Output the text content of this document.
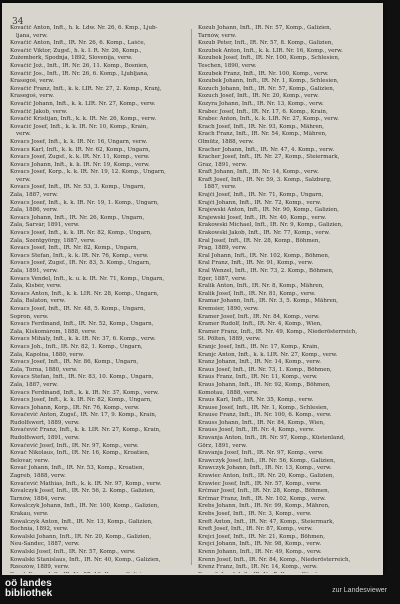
34
Kovačič Anton, Inft., h. k. Ldw. Nr. 26, 6. Kmp., Ljub-
ljana, verw.
Kovačič Anton, Inft., IR. Nr. 26, 6. Komp., Lašče,
Kovačič Viktor, Zugsf., h. k. I. R. Nr. 26, Komp.,
Žužemberk, Spodnja, 1892, Slovenija, verw.
Kovačič Jož., Inft., IR. Nr. 26, 11. Komp., Bosnien,
Kovačič Jos., Inft., IR. Nr. 26, 6. Komp., Ljubljana,
Krasegoš, verw.
Kovačič Franz, Inft., k. k. LIR. Nr. 27, 2. Komp., Kranj,
Krasegoš, verw.
Kovačič Johann, Inft., k. k. LIR. Nr. 27, Komp., verw.
Kovačič Jakob, verw.
Kovačič Kristijan, Inft., k. k. IR. Nr. 26, Komp., verw.
Kovačič Josef, Inft., k. k. IR. Nr. 10, Komp., Krain,
verw.
Kovacs Josef, Inft., k. k. IR. Nr. 16, Ungarn, verw.
Kovacs Karl, Inft., k. k. IR. Nr. 62, Komp., Ungarn,
Kovacs Josef, Zugsf., k. k. IR. Nr. 11, Komp., verw.
Kovacs Johann, Inft., k. k. IR. Nr. 19, Komp., verw.
Kovacs Josef, Korp., k. k. IR. Nr. 19, 12. Komp., Ungarn,
verw.
Kovacs Josef, Inft., IR. Nr. 53, 3. Komp., Ungarn,
Zala, 1887, verw.
Kovacs Josef, Inft., k. k. IR. Nr. 19, 1. Komp., Ungarn,
Zala, 1886, verw.
Kovacs Johann, Inft., IR. Nr. 26, Komp., Ungarn,
Zala, Sarvár, 1891, verw.
Kovacs Josef, Inft., k. k. IR. Nr. 82, Komp., Ungarn,
Zala, Szentgyörgy, 1887, verw.
Kovacs Josef, Inft., IR. Nr. 82, Komp., Ungarn,
Kovacs Stefan, Inft., k. k. IR. Nr. 76, Komp., verw.
Kovacs Josef, Zugsf., IR. Nr. 83, 5. Komp., Ungarn,
Zala, 1891, verw.
Kovacs Vendel, Inft., k. u. k. IR. Nr. 71, Komp., Ungarn,
Zala, Kisbér, verw.
Kovacs Anton, Inft., k. k. LIR. Nr. 28, Komp., Ungarn,
Zala, Balaton, verw.
Kovacs Josef, Inft., IR. Nr. 48, 5. Komp., Ungarn,
Sopron, verw.
Kovacs Ferdinand, Inft., IR. Nr. 52, Komp., Ungarn,
Zala, Kiskomárom, 1888, verw.
Kovacs Mihály, Inft., k. k. IR. Nr. 37, 6. Komp., verw.
Kovacs Joh., Inft., IR. Nr. 82, 1. Komp., Ungarn,
Zala, Kapolna, 1880, verw.
Kovacs Josef, Inft., IR. Nr. 86, Komp., Ungarn,
Zala, Torna, 1880, verw.
Kovacs Stefan, Inft., IR. Nr. 83, 10. Komp., Ungarn,
Zala, 1887, verw.
Kovacs Ferdinand, Inft., k. k. IR. Nr. 37, Komp., verw.
Kovacs Josef, Inft., k. k. IR. Nr. 82, Komp., Ungarn,
Kovacs Johann, Korp., IR. Nr. 76, Komp., verw.
Kovačevič Anton, Zugsf., IR. Nr. 17, 9. Komp., Krain,
Rudolfswert, 1889, verw.
Kovačevič Franz, Inft., k. k. LIR. Nr. 27, Komp., Krain,
Rudolfswert, 1891, verw.
Kovačevič Josef, Inft., IR. Nr. 97, Komp., verw.
Kovač Nikolaus, Inft., IR. Nr. 16, Komp., Kroatien,
Belovar, verw.
Kovač Johann, Inft., IR. Nr. 53, Komp., Kroatien,
Zagreb, 1888, verw.
Kovačevič Mathias, Inft., k. k. IR. Nr. 97, Komp., verw.
Kovalczyk Josef, Inft., IR. Nr. 56, 2. Komp., Galizien,
Tarnów, 1884, verw.
Kowalczyk Johann, Inft., IR. Nr. 100, Komp., Galizien,
Krakau, verw.
Kowalczyk Anton, Inft., IR. Nr. 13, Komp., Galizien,
Bochnia, 1892, verw.
Kowalski Johann, Inft., IR. Nr. 20, Komp., Galizien,
Neu-Sandec, 1887, verw.
Kowalski Josef, Inft., IR. Nr. 57, Komp., verw.
Kowalski Stanislaus, Inft., IR. Nr. 40, Komp., Galizien,
Rzeszów, 1889, verw.
Kozub Johann, Inft., IR. Nr. 57, Komp., Galizien,
Tarnów, verw.
Kozub Peter, Inft., IR. Nr. 57, 8. Komp., Galizien,
Kozubek Anton, Inft., k. k. LIR. Nr. 16, Komp., verw.
Kozubek Josef, Inft., IR. Nr. 100, Komp., Schlesien,
Teschen, 1890, verw.
Kozubek Franz, Inft., IR. Nr. 100, Komp., verw.
Kozubek Johann, Inft., IR. Nr. 1, Komp., Schlesien,
Kozuch Johann, Inft., IR. Nr. 57, Komp., Galizien,
Kozuch Josef, Inft., IR. Nr. 20, Komp., verw.
Kozyra Johann, Inft., IR. Nr. 13, Komp., verw.
Krabec Josef, Inft., IR. Nr. 17, 6. Komp., Krain,
Krabec Anton, Inft., k. k. LIR. Nr. 27, Komp., verw.
Krach Josef, Inft., IR. Nr. 93, Komp., Mähren,
Krach Franz, Inft., IR. Nr. 54, Komp., Mähren,
Olmütz, 1888, verw.
Kracher Johann, Inft., IR. Nr. 47, 4. Komp., verw.
Kracher Josef, Inft., IR. Nr. 27, Komp., Steiermark,
Graz, 1891, verw.
Kraft Johann, Inft., IR. Nr. 14, Komp., verw.
Kraft Josef, Inft., IR. Nr. 59, 3. Komp., Salzburg,
1887, verw.
Krajči Josef, Inft., IR. Nr. 71, Komp., Ungarn,
Krajči Johann, Inft., IR. Nr. 72, Komp., verw.
Krajewski Anton, Inft., IR. Nr. 90, Komp., Galizien,
Krajewski Josef, Inft., IR. Nr. 40, Komp., verw.
Krakowski Michael, Inft., IR. Nr. 9, Komp., Galizien,
Krakowski Jakob, Inft., IR. Nr. 77, Komp., verw.
Kral Josef, Inft., IR. Nr. 28, Komp., Böhmen,
Prag, 1889, verw.
Kral Johann, Inft., IR. Nr. 102, Komp., Böhmen,
Kral Franz, Inft., IR. Nr. 91, Komp., verw.
Kral Wenzel, Inft., IR. Nr. 73, 2. Komp., Böhmen,
Eger, 1887, verw.
Kralik Anton, Inft., IR. Nr. 8, Komp., Mähren,
Kralik Josef, Inft., IR. Nr. 81, Komp., verw.
Kramar Johann, Inft., IR. Nr. 3, 5. Komp., Mähren,
Kremsier, 1890, verw.
Kramer Josef, Inft., IR. Nr. 84, Komp., verw.
Kramer Rudolf, Inft., IR. Nr. 4, Komp., Wien,
Kramer Franz, Inft., IR. Nr. 49, Komp., Niederösterreich,
St. Pölten, 1889, verw.
Kranjc Josef, Inft., IR. Nr. 17, Komp., Krain,
Kranjc Anton, Inft., k. k. LIR. Nr. 27, Komp., verw.
Kranz Johann, Inft., IR. Nr. 14, Komp., verw.
Kraus Josef, Inft., IR. Nr. 73, 1. Komp., Böhmen,
Kraus Franz, Inft., IR. Nr. 11, Komp., verw.
Kraus Johann, Inft., IR. Nr. 92, Komp., Böhmen,
Komotau, 1888, verw.
Kraus Karl, Inft., IR. Nr. 35, Komp., verw.
Krause Josef, Inft., IR. Nr. 1, Komp., Schlesien,
Krause Franz, Inft., IR. Nr. 100, 6. Komp., verw.
Krauss Johann, Inft., IR. Nr. 84, Komp., Wien,
Krauss Josef, Inft., IR. Nr. 4, Komp., verw.
Kravanja Anton, Inft., IR. Nr. 97, Komp., Küstenland,
Görz, 1891, verw.
Kravanja Josef, Inft., IR. Nr. 97, Komp., verw.
Krawczyk Josef, Inft., IR. Nr. 56, Komp., Galizien,
Krawczyk Johann, Inft., IR. Nr. 13, Komp., verw.
Krawiec Anton, Inft., IR. Nr. 20, Komp., Galizien,
Krawiec Josef, Inft., IR. Nr. 57, Komp., verw.
Krčmar Josef, Inft., IR. Nr. 28, Komp., Böhmen,
Krčmar Franz, Inft., IR. Nr. 102, Komp., verw.
Krebs Johann, Inft., IR. Nr. 99, Komp., Mähren,
Krebs Josef, Inft., IR. Nr. 3, Komp., verw.
Kreft Anton, Inft., IR. Nr. 47, Komp., Steiermark,
Kreft Josef, Inft., IR. Nr. 87, Komp., verw.
Krejci Josef, Inft., IR. Nr. 21, Komp., Böhmen,
Krejci Johann, Inft., IR. Nr. 98, Komp., verw.
Krenn Johann, Inft., IR. Nr. 49, Komp., verw.
Krenn Josef, Inft., IR. Nr. 84, Komp., Niederösterreich,
Krenz Franz, Inft., IR. Nr. 14, Komp., verw.
oö landes
bibliothek	zur Landesviewer
